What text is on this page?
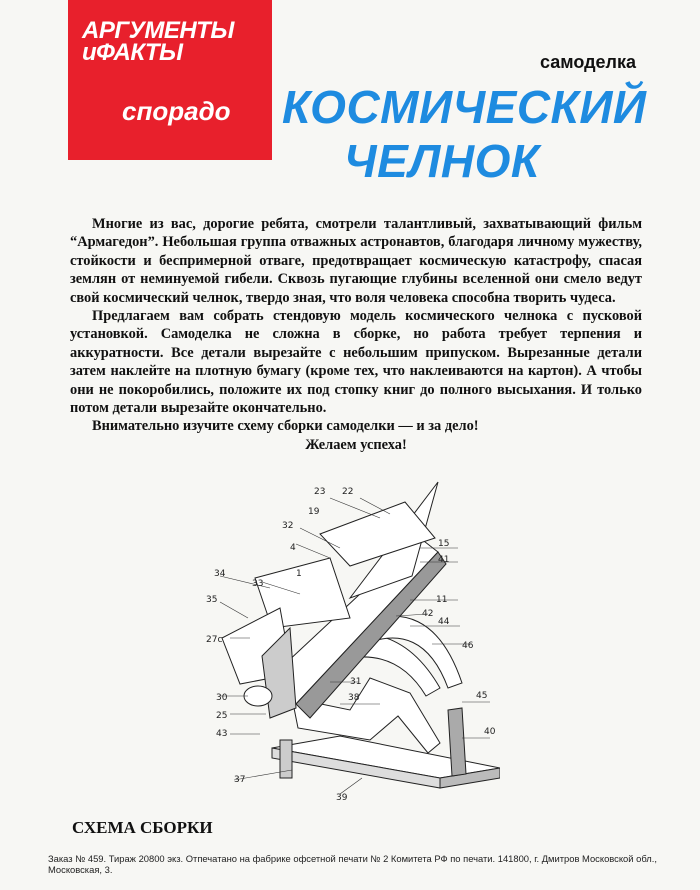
АРГУМЕНТЫ
иФАКТЫ
спорадо
самоделка
КОСМИЧЕСКИЙ
ЧЕЛНОК

Многие из вас, дорогие ребята, смотрели талантливый, захватывающий фильм “Армагедон”. Небольшая группа отважных астронавтов, благодаря личному мужеству, стойкости и беспримерной отваге, предотвращает космическую катастрофу, спасая землян от неминуемой гибели. Сквозь пугающие глубины вселенной они смело ведут свой космический челнок, твердо зная, что воля человека способна творить чудеса.

Предлагаем вам собрать стендовую модель космического челнока с пусковой установкой. Самоделка не сложна в сборке, но работа требует терпения и аккуратности. Все детали вырезайте с небольшим припуском. Вырезанные детали затем наклейте на плотную бумагу (кроме тех, что наклеиваются на картон). А чтобы они не покоробились, положите их под стопку книг до полного высыхания. И только потом детали вырезайте окончательно.

Внимательно изучите схему сборки самоделки — и за дело!

Желаем успеха!

23 22
32
19
4	15
1
41
34
33
11
35
42
44
27с
46
31
30	38	45
25
43	40
37
39
СХЕМА СБОРКИ
Заказ № 459. Тираж 20800 экз. Отпечатано на фабрике офсетной печати № 2 Комитета РФ по печати. 141800, г. Дмитров Московской обл., Московская, 3.
